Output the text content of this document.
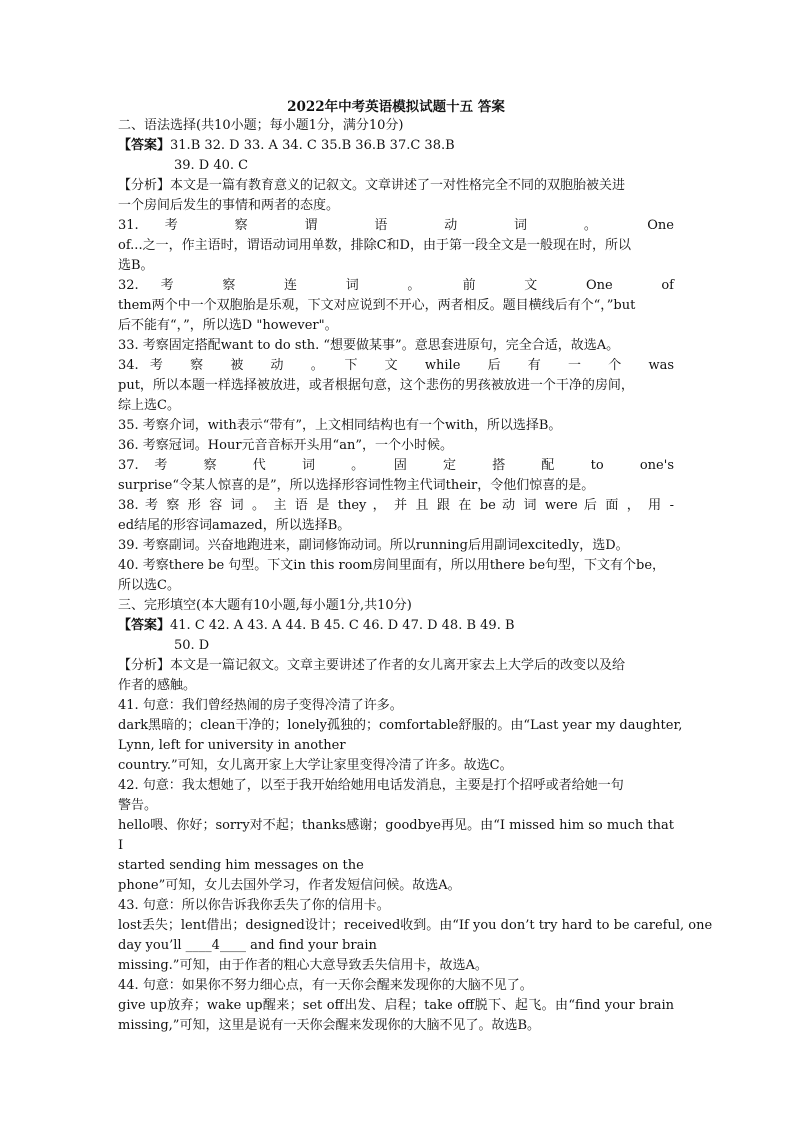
2022年中考英语模拟试题十五 答案

二、语法选择(共10小题；每小题1分，满分10分)

【答案】31.B 32. D 33. A 34. C 35.B 36.B 37.C 38.B

39. D 40. C

【分析】本文是一篇有教育意义的记叙文。文章讲述了一对性格完全不同的双胞胎被关进

一个房间后发生的事情和两者的态度。

31. 考　察　谓　语　动　词　。　One

of...之一，作主语时，谓语动词用单数，排除C和D，由于第一段全文是一般现在时，所以

选B。

32. 考　察　连　词　。　前　文　One　of

them两个中一个双胞胎是乐观，下文对应说到不开心，两者相反。题目横线后有个“，”but

后不能有“，”，所以选D "however"。

33. 考察固定搭配want to do sth. “想要做某事”。意思套进原句，完全合适，故选A。

34. 考　察　被　动　。　下　文　while　后　有　一　个　was

put，所以本题一样选择被放进，或者根据句意，这个悲伤的男孩被放进一个干净的房间，

综上选C。

35. 考察介词，with表示“带有”，上文相同结构也有一个with，所以选择B。

36. 考察冠词。Hour元音音标开头用“an”，一个小时候。

37. 考　察　代　词　。　固　定　搭　配　to　one's

surprise“令某人惊喜的是”，所以选择形容词性物主代词their，令他们惊喜的是。

38. 考 察 形 容 词 。 主 语 是 they ， 并 且 跟 在 be 动 词 were 后 面 ， 用 -

ed结尾的形容词amazed，所以选择B。

39. 考察副词。兴奋地跑进来，副词修饰动词。所以running后用副词excitedly，选D。

40. 考察there be 句型。下文in this room房间里面有，所以用there be句型，下文有个be，

所以选C。

三、完形填空(本大题有10小题,每小题1分,共10分)

【答案】41. C 42. A 43. A 44. B 45. C 46. D 47. D 48. B 49. B

50. D

【分析】本文是一篇记叙文。文章主要讲述了作者的女儿离开家去上大学后的改变以及给

作者的感触。

41. 句意：我们曾经热闹的房子变得冷清了许多。

dark黑暗的；clean干净的；lonely孤独的；comfortable舒服的。由“Last year my daughter,

Lynn, left for university in another

country.”可知，女儿离开家上大学让家里变得冷清了许多。故选C。

42. 句意：我太想她了，以至于我开始给她用电话发消息，主要是打个招呼或者给她一句

警告。

hello喂、你好；sorry对不起；thanks感谢；goodbye再见。由“I missed him so much that I

started sending him messages on the

phone”可知，女儿去国外学习，作者发短信问候。故选A。

43. 句意：所以你告诉我你丢失了你的信用卡。

lost丢失；lent借出；designed设计；received收到。由“If you don’t try hard to be careful, one

day you’ll ____4____ and find your brain

missing.”可知，由于作者的粗心大意导致丢失信用卡，故选A。

44. 句意：如果你不努力细心点，有一天你会醒来发现你的大脑不见了。

give up放弃；wake up醒来；set off出发、启程；take off脱下、起飞。由“find your brain

missing,”可知，这里是说有一天你会醒来发现你的大脑不见了。故选B。
